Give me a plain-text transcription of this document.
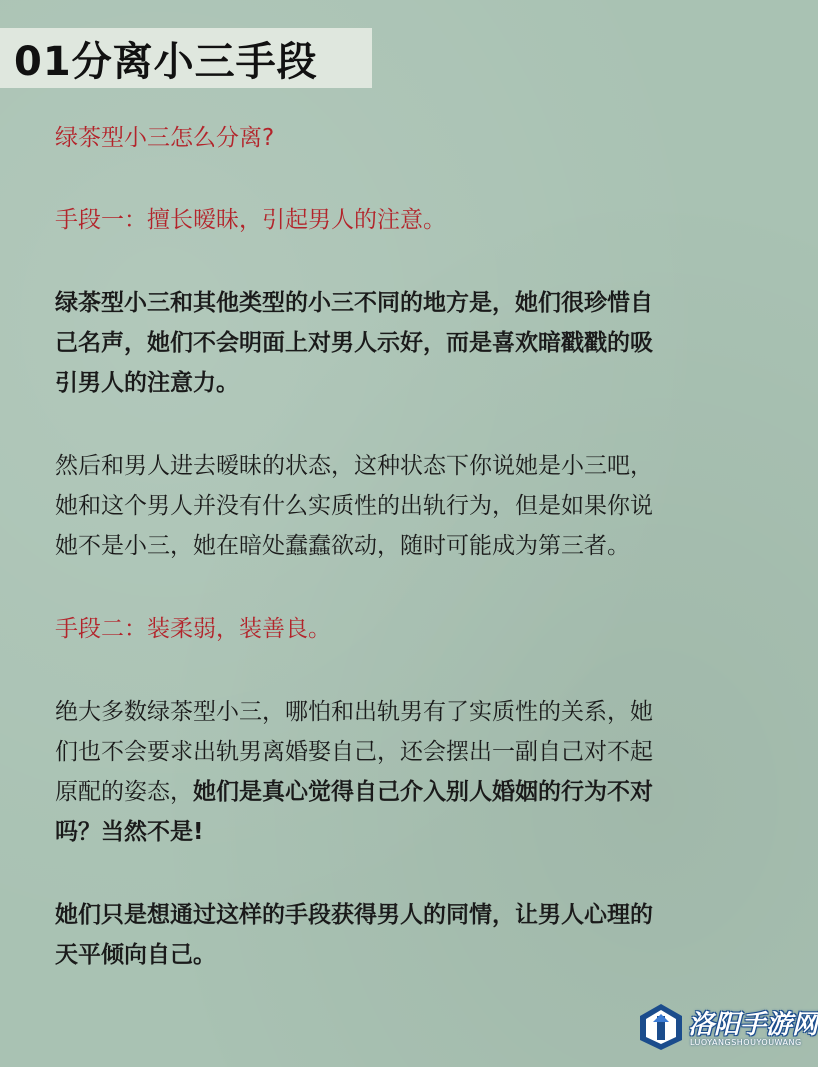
01分离小三手段

绿茶型小三怎么分离?

手段一：擅长暧昧，引起男人的注意。

绿茶型小三和其他类型的小三不同的地方是，她们很珍惜自

己名声，她们不会明面上对男人示好，而是喜欢暗戳戳的吸

引男人的注意力。

然后和男人进去暧昧的状态，这种状态下你说她是小三吧，

她和这个男人并没有什么实质性的出轨行为，但是如果你说

她不是小三，她在暗处蠢蠢欲动，随时可能成为第三者。

手段二：装柔弱，装善良。

绝大多数绿茶型小三，哪怕和出轨男有了实质性的关系，她

们也不会要求出轨男离婚娶自己，还会摆出一副自己对不起

原配的姿态，她们是真心觉得自己介入别人婚姻的行为不对

吗？当然不是!

她们只是想通过这样的手段获得男人的同情，让男人心理的

天平倾向自己。

洛阳手游网
LUOYANGSHOUYOUWANG
